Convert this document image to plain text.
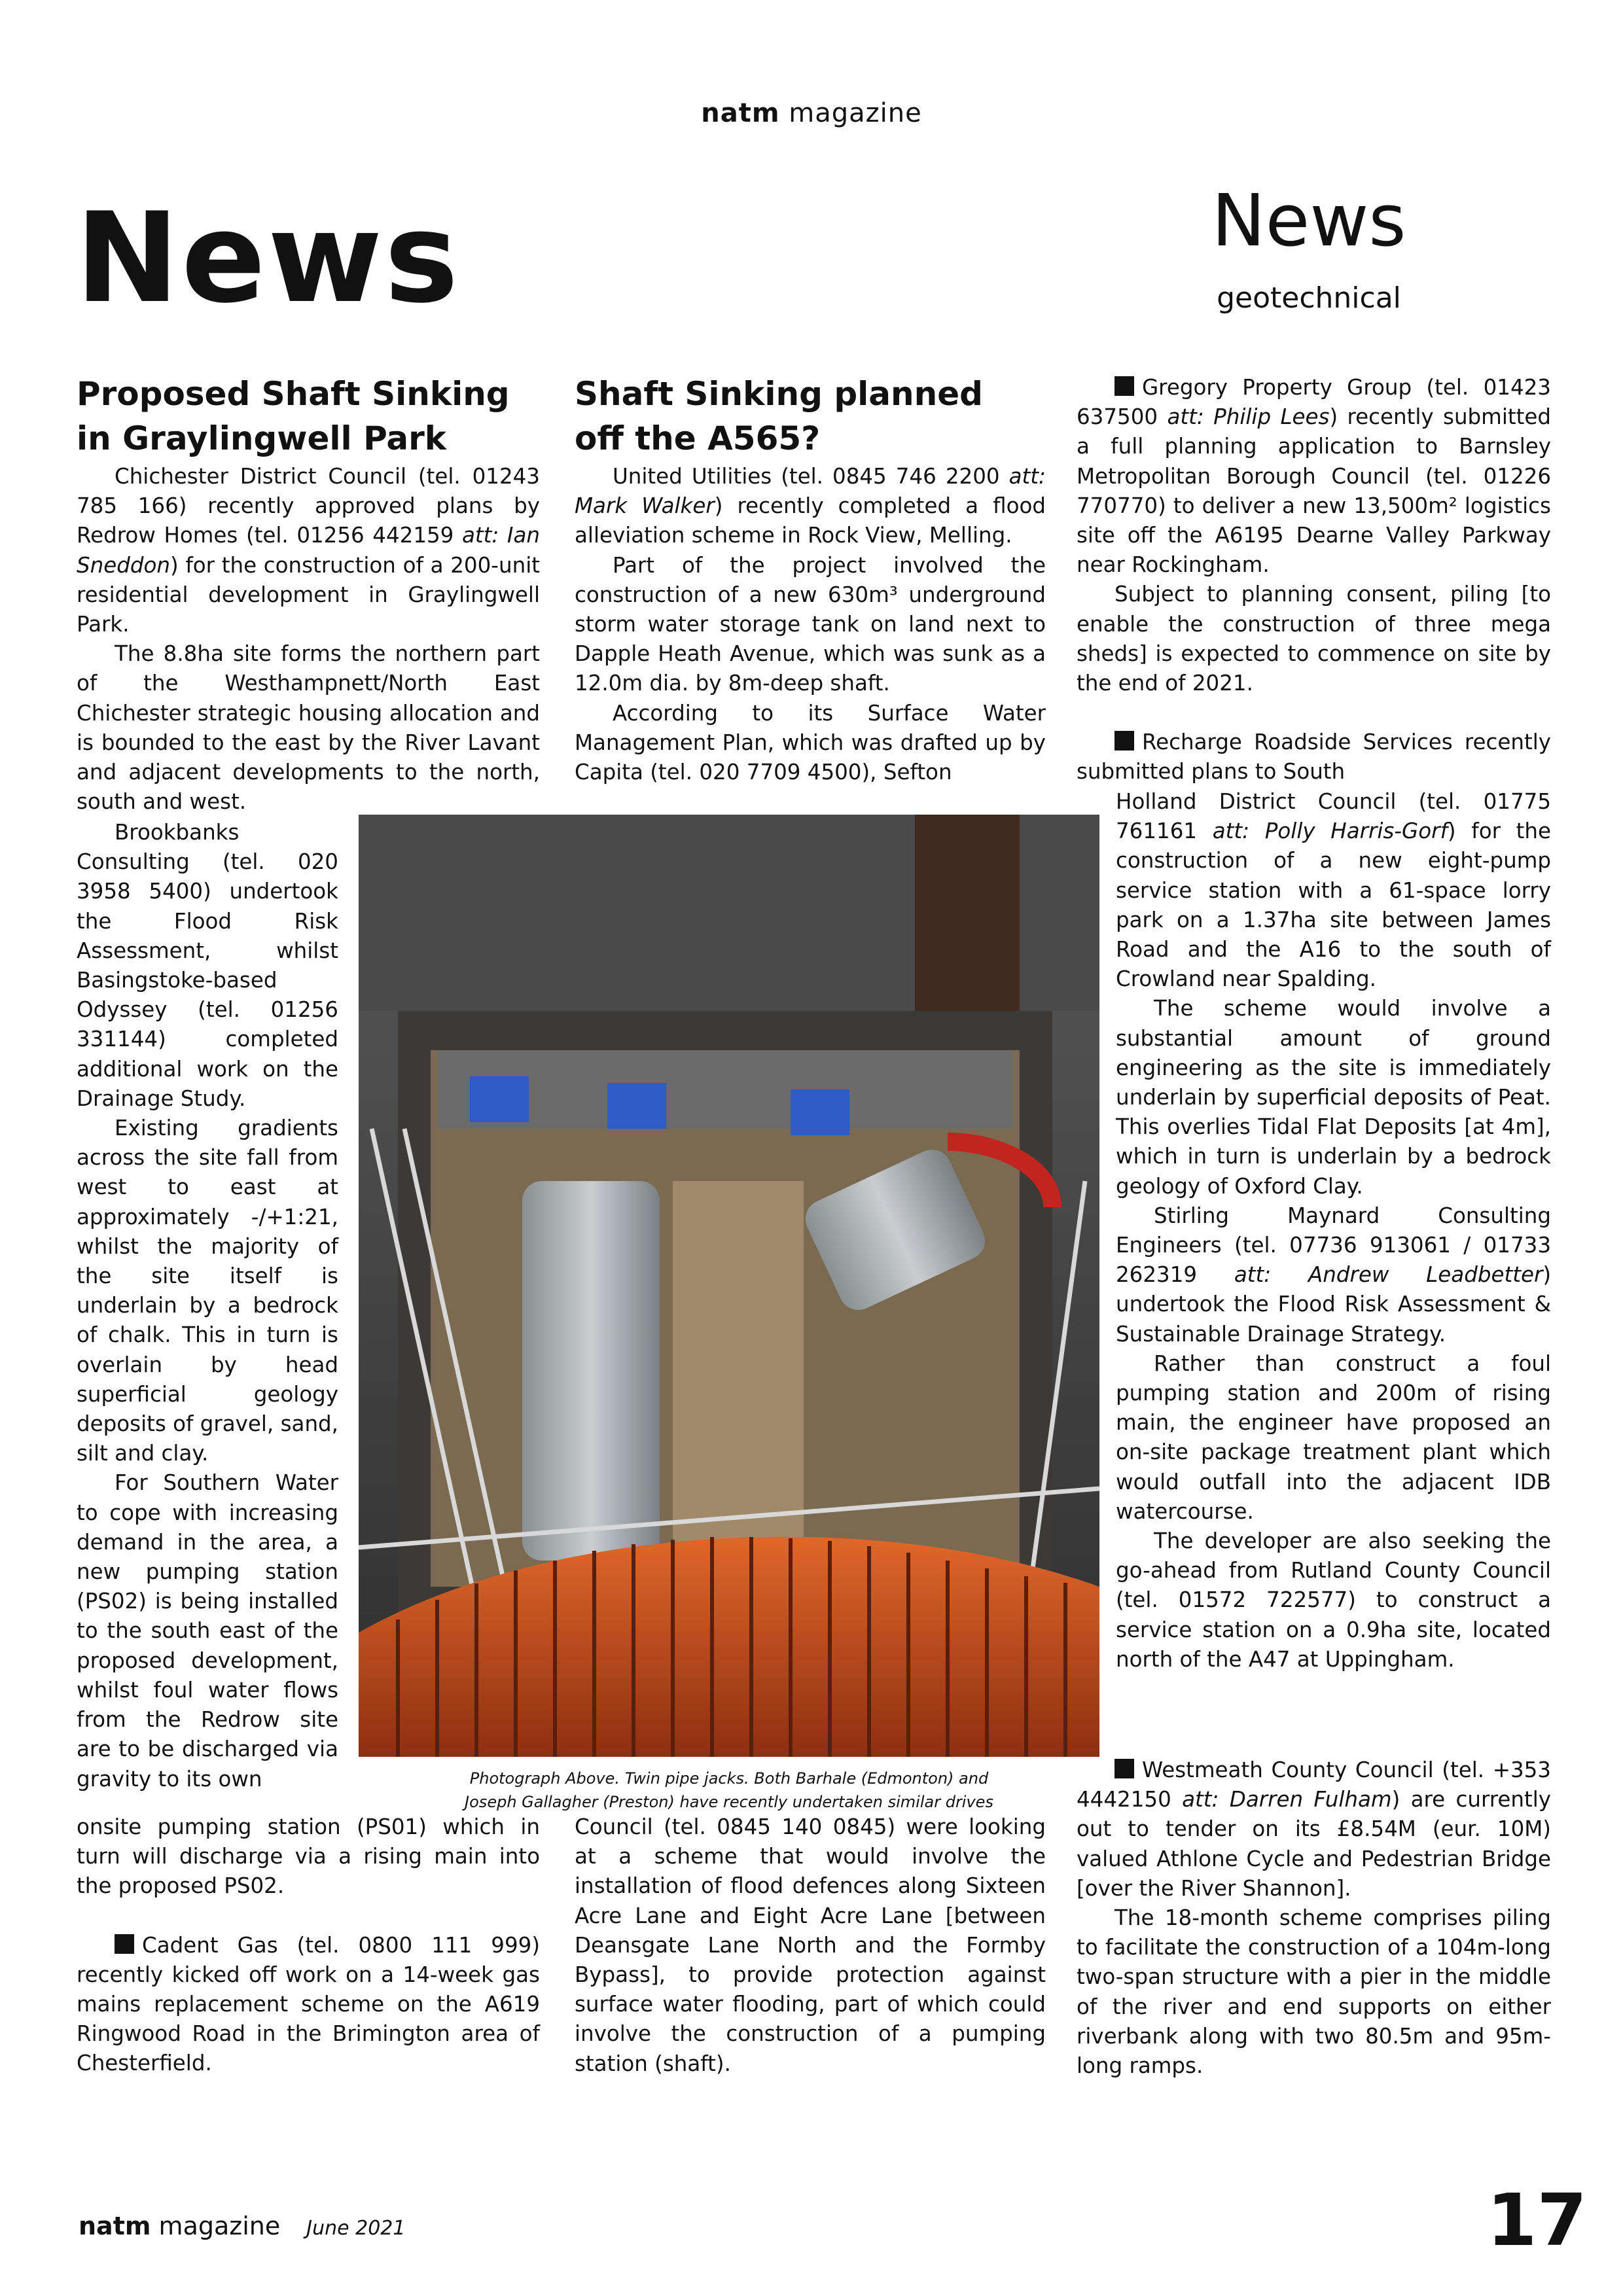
natm magazine
News	News
geotechnical
Proposed Shaft Sinking
in Graylingwell Park

Chichester District Council (tel. 01243 785 166) recently approved plans by Redrow Homes (tel. 01256 442159 att: Ian Sneddon) for the construction of a 200-unit residential development in Graylingwell Park.

The 8.8ha site forms the northern part of the Westhampnett/North East Chichester strategic housing allocation and is bounded to the east by the River Lavant and adjacent developments to the north, south and west.

Brookbanks Consulting (tel. 020 3958 5400) undertook the Flood Risk Assessment, whilst Basingstoke-based Odyssey (tel. 01256 331144) completed additional work on the Drainage Study.

Existing gradients across the site fall from west to east at approximately -/+1:21, whilst the majority of the site itself is underlain by a bedrock of chalk. This in turn is overlain by head superficial geology deposits of gravel, sand, silt and clay.

For Southern Water to cope with increasing demand in the area, a new pumping station (PS02) is being installed to the south east of the proposed development, whilst foul water flows from the Redrow site are to be discharged via gravity to its own

onsite pumping station (PS01) which in turn will discharge via a rising main into the proposed PS02.

Cadent Gas (tel. 0800 111 999) recently kicked off work on a 14-week gas mains replacement scheme on the A619 Ringwood Road in the Brimington area of Chesterfield.

Shaft Sinking planned
off the A565?

United Utilities (tel. 0845 746 2200 att: Mark Walker) recently completed a flood alleviation scheme in Rock View, Melling.

Part of the project involved the construction of a new 630m³ underground storm water storage tank on land next to Dapple Heath Avenue, which was sunk as a 12.0m dia. by 8m-deep shaft.

According to its Surface Water Management Plan, which was drafted up by Capita (tel. 020 7709 4500), Sefton

Council (tel. 0845 140 0845) were looking at a scheme that would involve the installation of flood defences along Sixteen Acre Lane and Eight Acre Lane [between Deansgate Lane North and the Formby Bypass], to provide protection against surface water flooding, part of which could involve the construction of a pumping station (shaft).

Photograph Above. Twin pipe jacks. Both Barhale (Edmonton) and
Joseph Gallagher (Preston) have recently undertaken similar drives

Gregory Property Group (tel. 01423 637500 att: Philip Lees) recently submitted a full planning application to Barnsley Metropolitan Borough Council (tel. 01226 770770) to deliver a new 13,500m² logistics site off the A6195 Dearne Valley Parkway near Rockingham.

Subject to planning consent, piling [to enable the construction of three mega sheds] is expected to commence on site by the end of 2021.

Recharge Roadside Services recently submitted plans to South

Holland District Council (tel. 01775 761161 att: Polly Harris-Gorf) for the construction of a new eight-pump service station with a 61-space lorry park on a 1.37ha site between James Road and the A16 to the south of Crowland near Spalding.

The scheme would involve a substantial amount of ground engineering as the site is immediately underlain by superficial deposits of Peat. This overlies Tidal Flat Deposits [at 4m], which in turn is underlain by a bedrock geology of Oxford Clay.

Stirling Maynard Consulting Engineers (tel. 07736 913061 / 01733 262319 att: Andrew Leadbetter) undertook the Flood Risk Assessment & Sustainable Drainage Strategy.

Rather than construct a foul pumping station and 200m of rising main, the engineer have proposed an on-site package treatment plant which would outfall into the adjacent IDB watercourse.

The developer are also seeking the go-ahead from Rutland County Council (tel. 01572 722577) to construct a service station on a 0.9ha site, located north of the A47 at Uppingham.

Westmeath County Council (tel. +353 4442150 att: Darren Fulham) are currently out to tender on its £8.54M (eur. 10M) valued Athlone Cycle and Pedestrian Bridge [over the River Shannon].

The 18-month scheme comprises piling to facilitate the construction of a 104m-long two-span structure with a pier in the middle of the river and end supports on either riverbank along with two 80.5m and 95m-long ramps.

natm magazine June 2021	17
